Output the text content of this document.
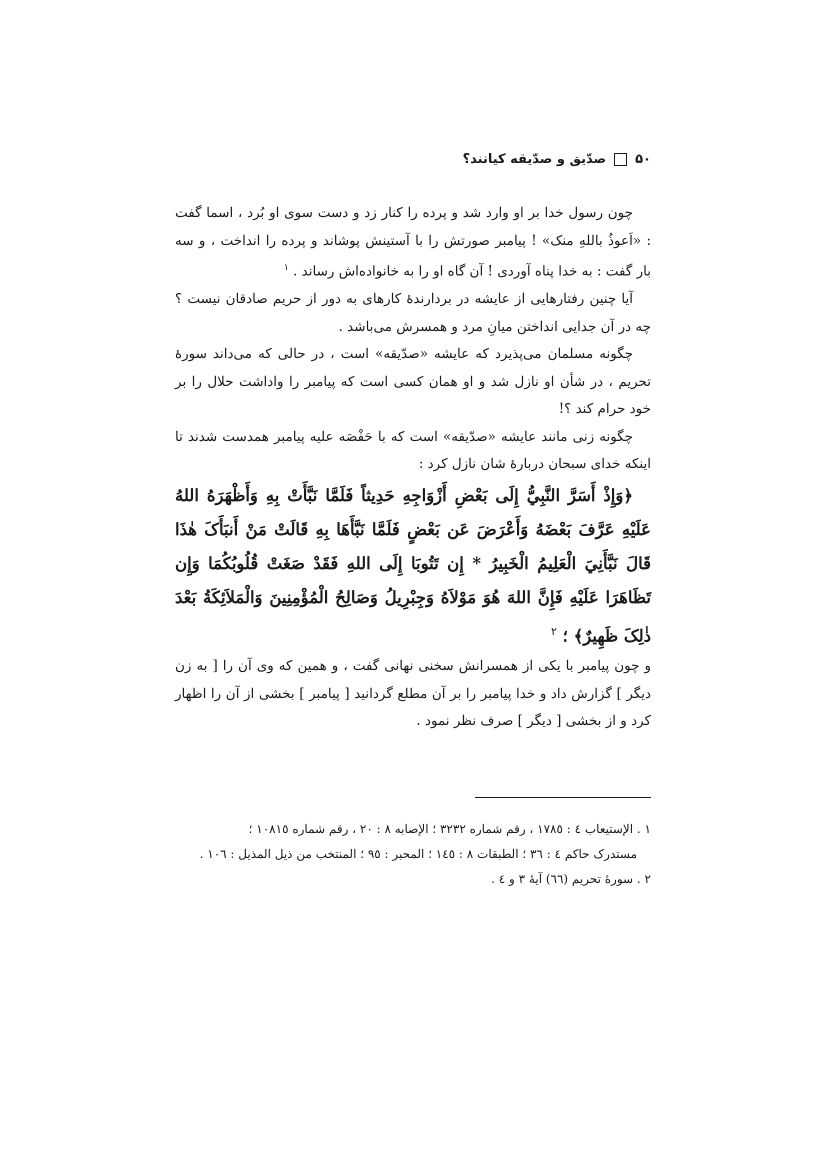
۵۰
صدّیق و صدّیقه کیانند؟

چون رسول خدا بر او وارد شد و پرده را کنار زد و دست سوی او بُرد ، اسما گفت : «اَعوذُ باللهِ منک» ! پیامبر صورتش را با آستینش پوشاند و پرده را انداخت ، و سه بار گفت : به خدا پناه آوردی ! آن گاه او را به خانواده‌اش رساند . $^۱$

آیا چنین رفتارهایی از عایشه در بردارندهٔ کارهای به دور از حریم صادقان نیست ؟ چه در آن جدایی انداختن میانِ مرد و همسرش می‌باشد .

چگونه مسلمان می‌پذیرد که عایشه «صدّیقه» است ، در حالی که می‌داند سورهٔ تحریم ، در شأن او نازل شد و او همان کسی است که پیامبر را واداشت حلال را بر خود حرام کند ؟!

چگونه زنی مانند عایشه «صدّیقه» است که با حَفْصَه علیه پیامبر همدست شدند تا اینکه خدای سبحان دربارهٔ شان نازل کرد :

﴿وَإِذْ أَسَرَّ النَّبِيُّ إِلَى بَعْضِ أَزْوَاجِهِ حَدِيثاً فَلَمَّا نَبَّأَتْ بِهِ وَأَظْهَرَهُ اللهُ عَلَيْهِ عَرَّفَ بَعْضَهُ وَأَعْرَضَ عَن بَعْضٍ فَلَمَّا نَبَّأَهَا بِهِ قَالَتْ مَنْ أَنبَأَکَ هٰذَا قَالَ نَبَّأَنِيَ الْعَلِيمُ الْخَبِيرُ * إِن تَتُوبَا إِلَى اللهِ فَقَدْ صَغَتْ قُلُوبُكُمَا وَإِن تَظَاهَرَا عَلَيْهِ فَإِنَّ اللهَ هُوَ مَوْلاَهُ وَجِبْرِيلُ وَصَالِحُ الْمُؤْمِنِينَ وَالْمَلاَئِكَةُ بَعْدَ ذٰلِکَ ظَهِيرٌ﴾ ؛ $^۲$

و چون پیامبر با یکی از همسرانش سخنی نهانی گفت ، و همین که وی آن را [ به زن دیگر ] گزارش داد و خدا پیامبر را بر آن مطلع گردانید [ پیامبر ] بخشی از آن را اظهار کرد و از بخشی [ دیگر ] صرف نظر نمود .

۱ . الإستیعاب ٤ : ١٧٨٥ ، رقم شماره ٣٢٣٢ ؛ الإصابه ٨ : ٢٠ ، رقم شماره ١٠٨١٥ ؛
مستدرک حاکم ٤ : ٣٦ ؛ الطبقات ٨ : ١٤٥ ؛ المحبر : ٩٥ ؛ المنتخب من ذیل المذیل : ١٠٦ .
٢ . سورهٔ تحریم (٦٦) آیهٔ ٣ و ٤ .
